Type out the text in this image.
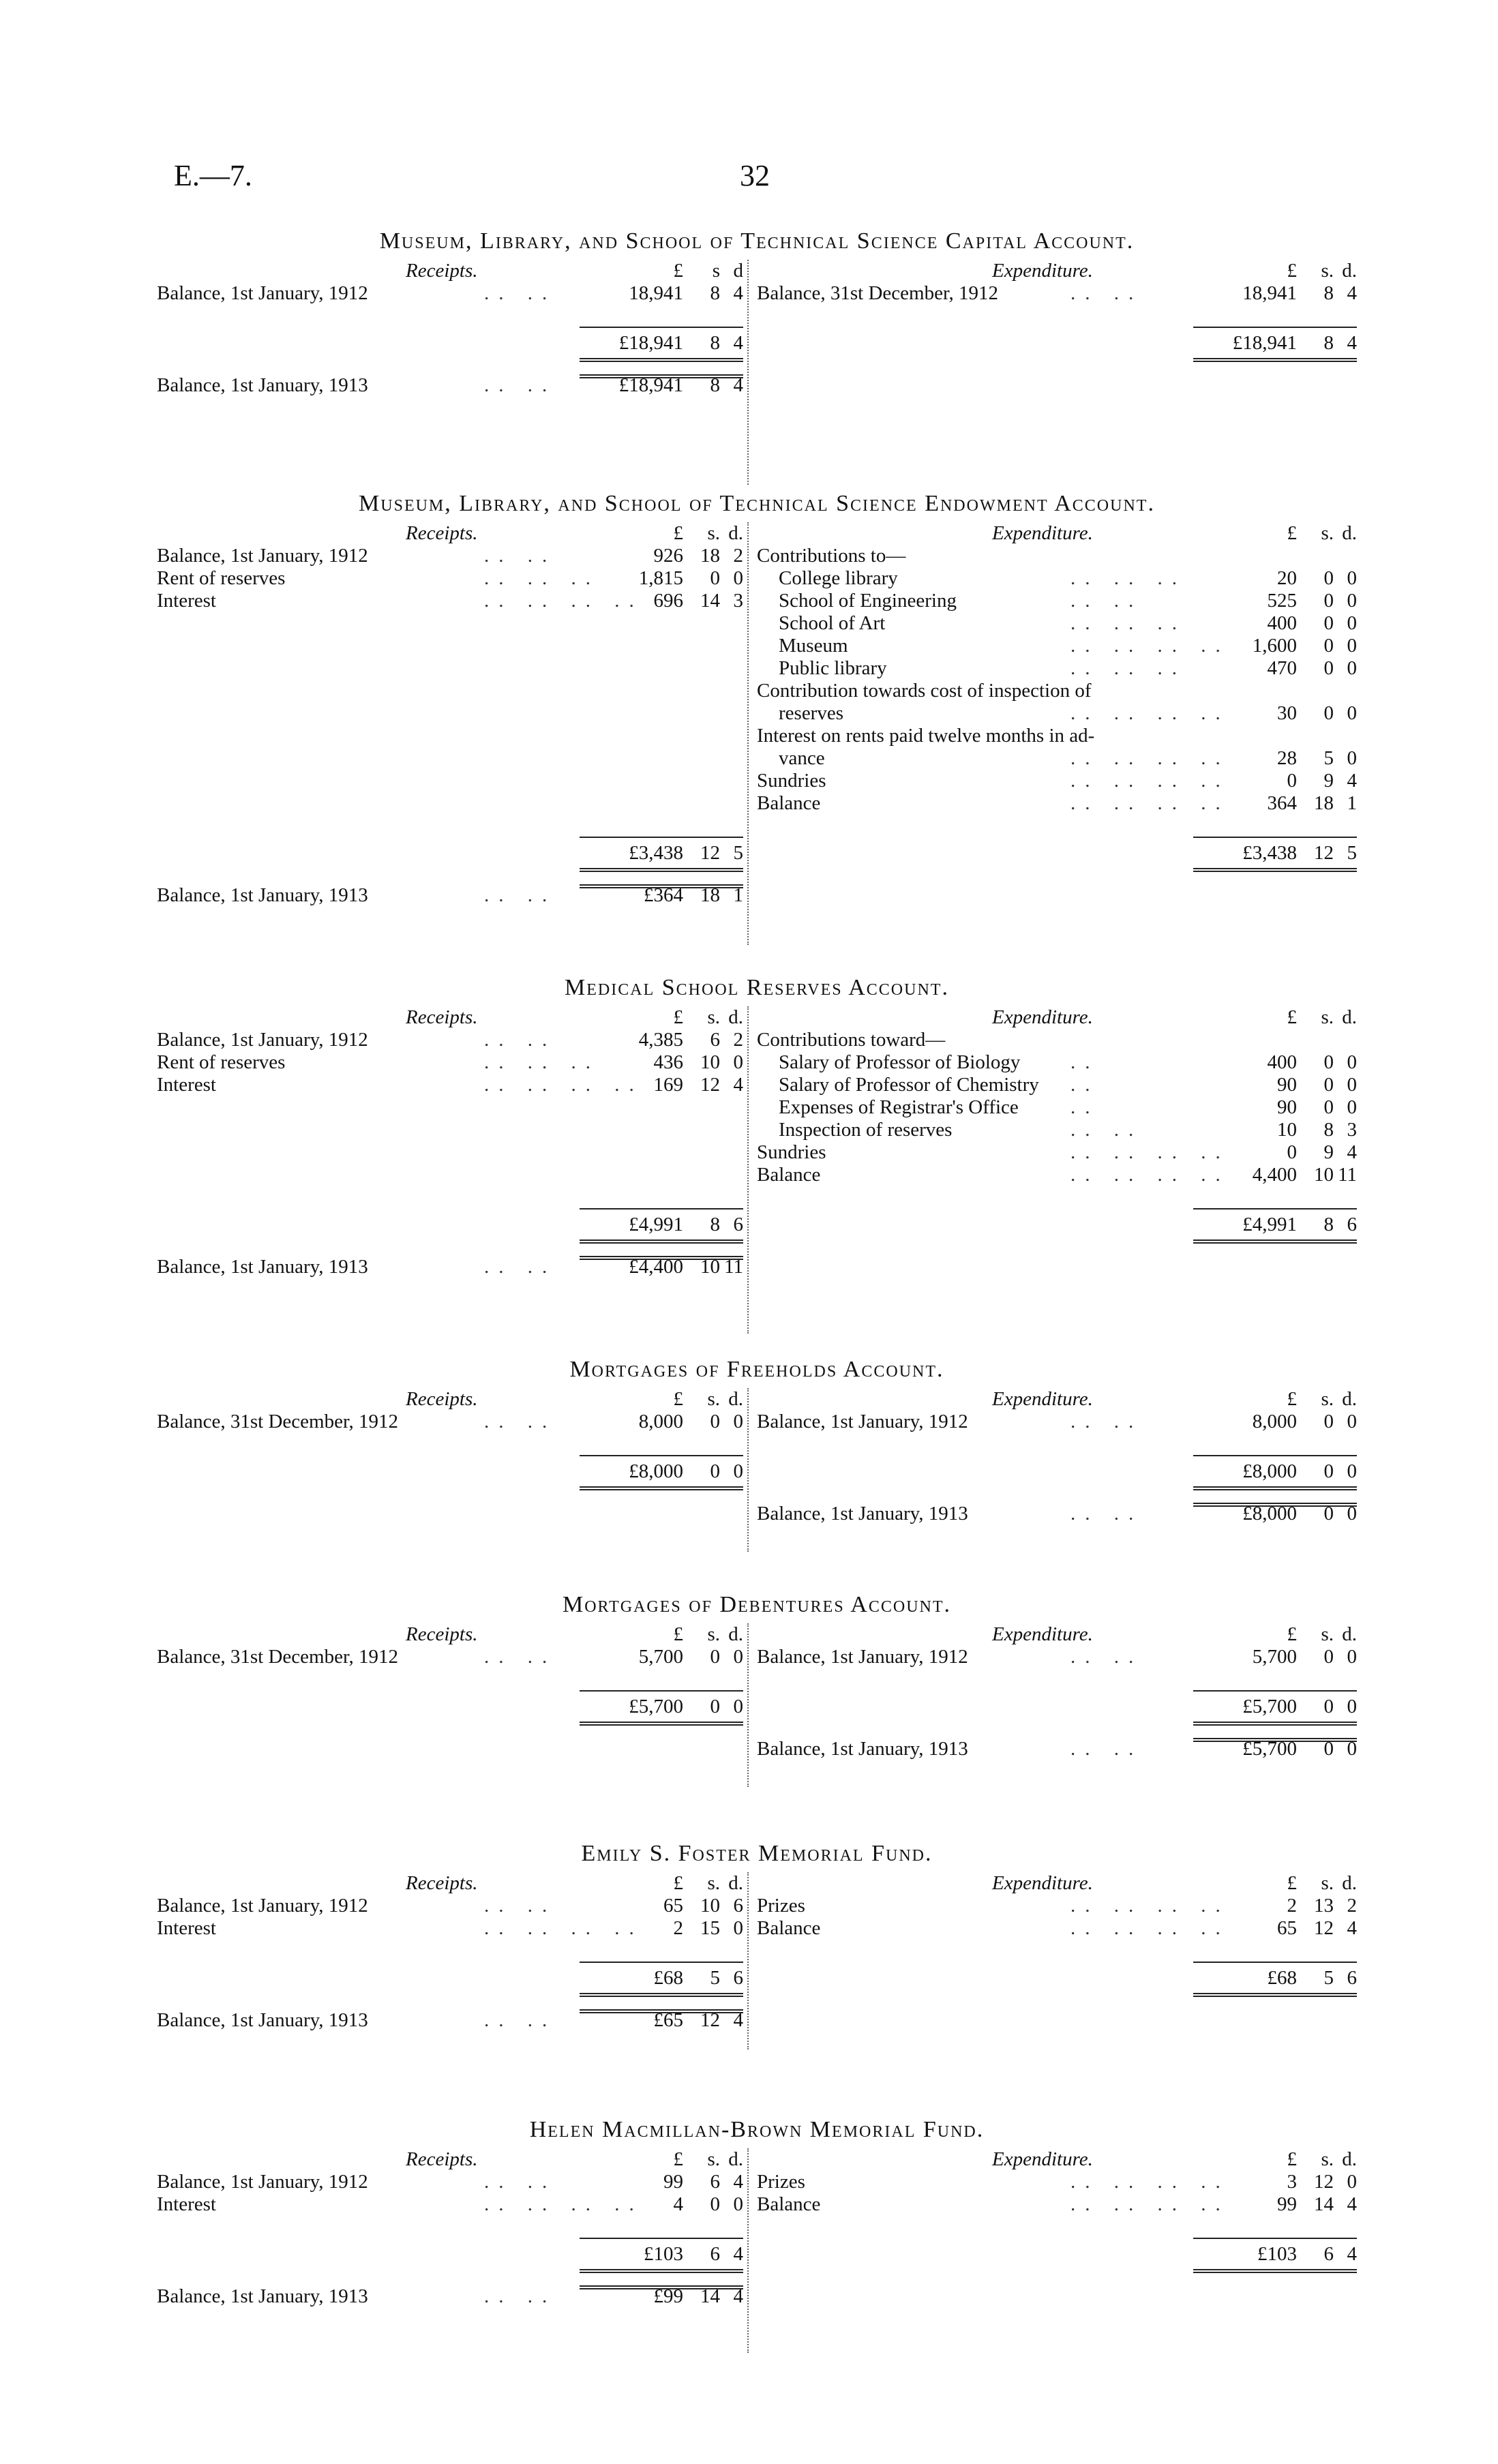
E.—7.	32
Museum, Library, and School of Technical Science Capital Account.
Receipts.	£	s d
Balance, 1st January, 1912	.. ..	18,941	8 4
£18,941	8 4
Balance, 1st January, 1913	.. ..	£18,941	8 4
Expenditure.	£	s. d.
Balance, 31st December, 1912	.. ..	18,941	8 4
£18,941	8 4
Museum, Library, and School of Technical Science Endowment Account.
Receipts.	£	s. d.
Balance, 1st January, 1912	.. ..	926 18 2
Rent of reserves	.. .. ..	1,815	0 0
Interest	.. .. .. .. 696 14 3
£3,438 12 5
Balance, 1st January, 1913	.. ..	£364 18 1
Expenditure.	£	s. d.
Contributions to—
College library	.. .. ..	20	0 0
School of Engineering	.. ..	525	0 0
School of Art	.. .. ..	400	0 0
Museum	.. .. .. ..	1,600	0 0
Public library	.. .. ..	470	0 0
Contribution towards cost of inspection of
reserves	.. .. .. ..	30	0 0
Interest on rents paid twelve months in ad-
vance	.. .. .. ..	28	5 0
Sundries	.. .. .. ..	0	9 4
Balance	.. .. .. ..	364 18 1
£3,438 12 5
Medical School Reserves Account.
Receipts.	£	s. d.
Balance, 1st January, 1912	.. ..	4,385	6 2
Rent of reserves	.. .. ..	436 10 0
Interest	.. .. .. .. 169 12 4
£4,991	8 6
Balance, 1st January, 1913	.. ..	£4,400 10 11
Expenditure.	£	s. d.
Contributions toward—
Salary of Professor of Biology	..	400	0 0
Salary of Professor of Chemistry ..	90	0 0
Expenses of Registrar's Office	..	90	0 0
Inspection of reserves	.. ..	10	8 3
Sundries	.. .. .. ..	0	9 4
Balance	.. .. .. ..	4,400 10 11
£4,991	8 6
Mortgages of Freeholds Account.
Receipts.	£	s. d.
Balance, 31st December, 1912	.. ..	8,000	0 0
£8,000	0 0
Expenditure.	£	s. d.
Balance, 1st January, 1912	.. ..	8,000	0 0
£8,000	0 0
Balance, 1st January, 1913	.. ..	£8,000	0 0
Mortgages of Debentures Account.
Receipts.	£	s. d.
Balance, 31st December, 1912	.. ..	5,700	0 0
£5,700	0 0
Expenditure.	£	s. d.
Balance, 1st January, 1912	.. ..	5,700	0 0
£5,700	0 0
Balance, 1st January, 1913	.. ..	£5,700	0 0
Emily S. Foster Memorial Fund.
Receipts.	£	s. d.
Balance, 1st January, 1912	.. ..	65 10 6
Interest	.. .. .. ..	2 15 0
£68	5 6
Balance, 1st January, 1913	.. ..	£65 12 4
Expenditure.	£	s. d.
Prizes	.. .. .. ..	2 13 2
Balance	.. .. .. ..	65 12 4
£68	5 6
Helen Macmillan-Brown Memorial Fund.
Receipts.	£	s. d.
Balance, 1st January, 1912	.. ..	99	6 4
Interest	.. .. .. ..	4	0 0
£103	6 4
Balance, 1st January, 1913	.. ..	£99 14 4
Expenditure.	£	s. d.
Prizes	.. .. .. ..	3 12 0
Balance	.. .. .. ..	99 14 4
£103	6 4
